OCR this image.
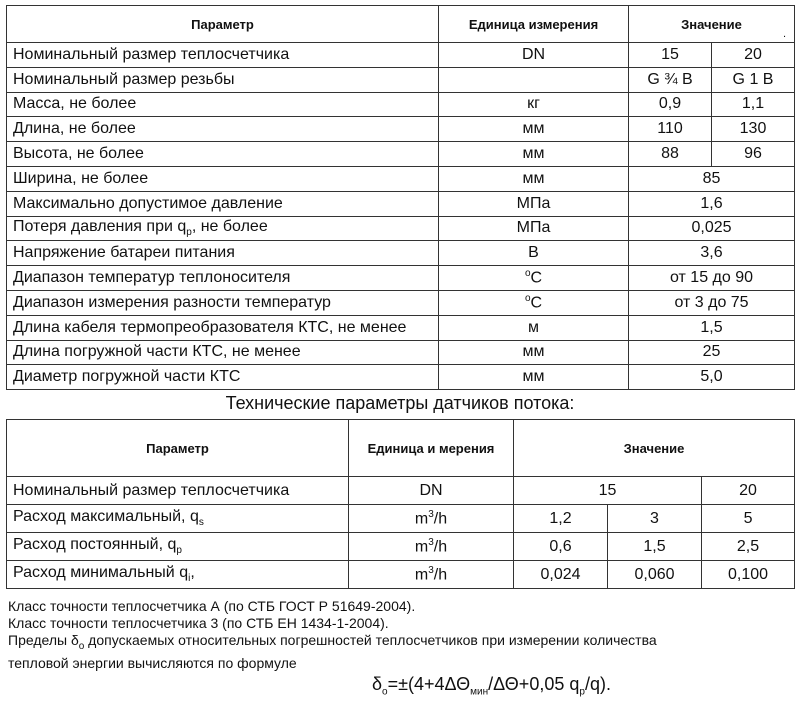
Параметр	Единица измерения	Значение
.	

Номинальный размер теплосчетчика	DN	15	20
Номинальный размер резьбы		G ¾ В	G 1 В
Масса, не более	кг	0,9	1,1
Длина, не более	мм	110	130
Высота, не более	мм	88	96
Ширина, не более	мм	85	
Максимально допустимое давление	МПа	1,6	
Потеря давления при $q_р$, не более	МПа	0,025	
Напряжение батареи питания	В	3,6	
Диапазон температур теплоносителя	$^о$С	от 15 до 90	
Диапазон измерения разности температур	$^о$С	от 3 до 75	
Длина кабеля термопреобразователя КТС, не менее	м	1,5	
Длина погружной части КТС, не менее	мм	25	
Диаметр погружной части КТС	мм	5,0	
Технические параметры датчиков потока:
Параметр	Единица и мерения	Значение		
Номинальный размер теплосчетчика	DN	15		20
Расход максимальный, $q_s$	$m^3/h$	1,2	3	5
Расход постоянный, $q_p$	$m^3/h$	0,6	1,5	2,5
Расход минимальный $q_i$,	$m^3/h$	0,024	0,060	0,100
Класс точности теплосчетчика А (по СТБ ГОСТ Р 51649-2004).
Класс точности теплосчетчика 3 (по СТБ ЕН 1434-1-2004).
Пределы $\delta_о$ допускаемых относительных погрешностей теплосчетчиков при измерении количества
тепловой энергии вычисляются по формуле
$\delta_о=\pm(4+4\Delta\Theta_{мин}/\Delta\Theta+0,05$ $q_р/q$).
